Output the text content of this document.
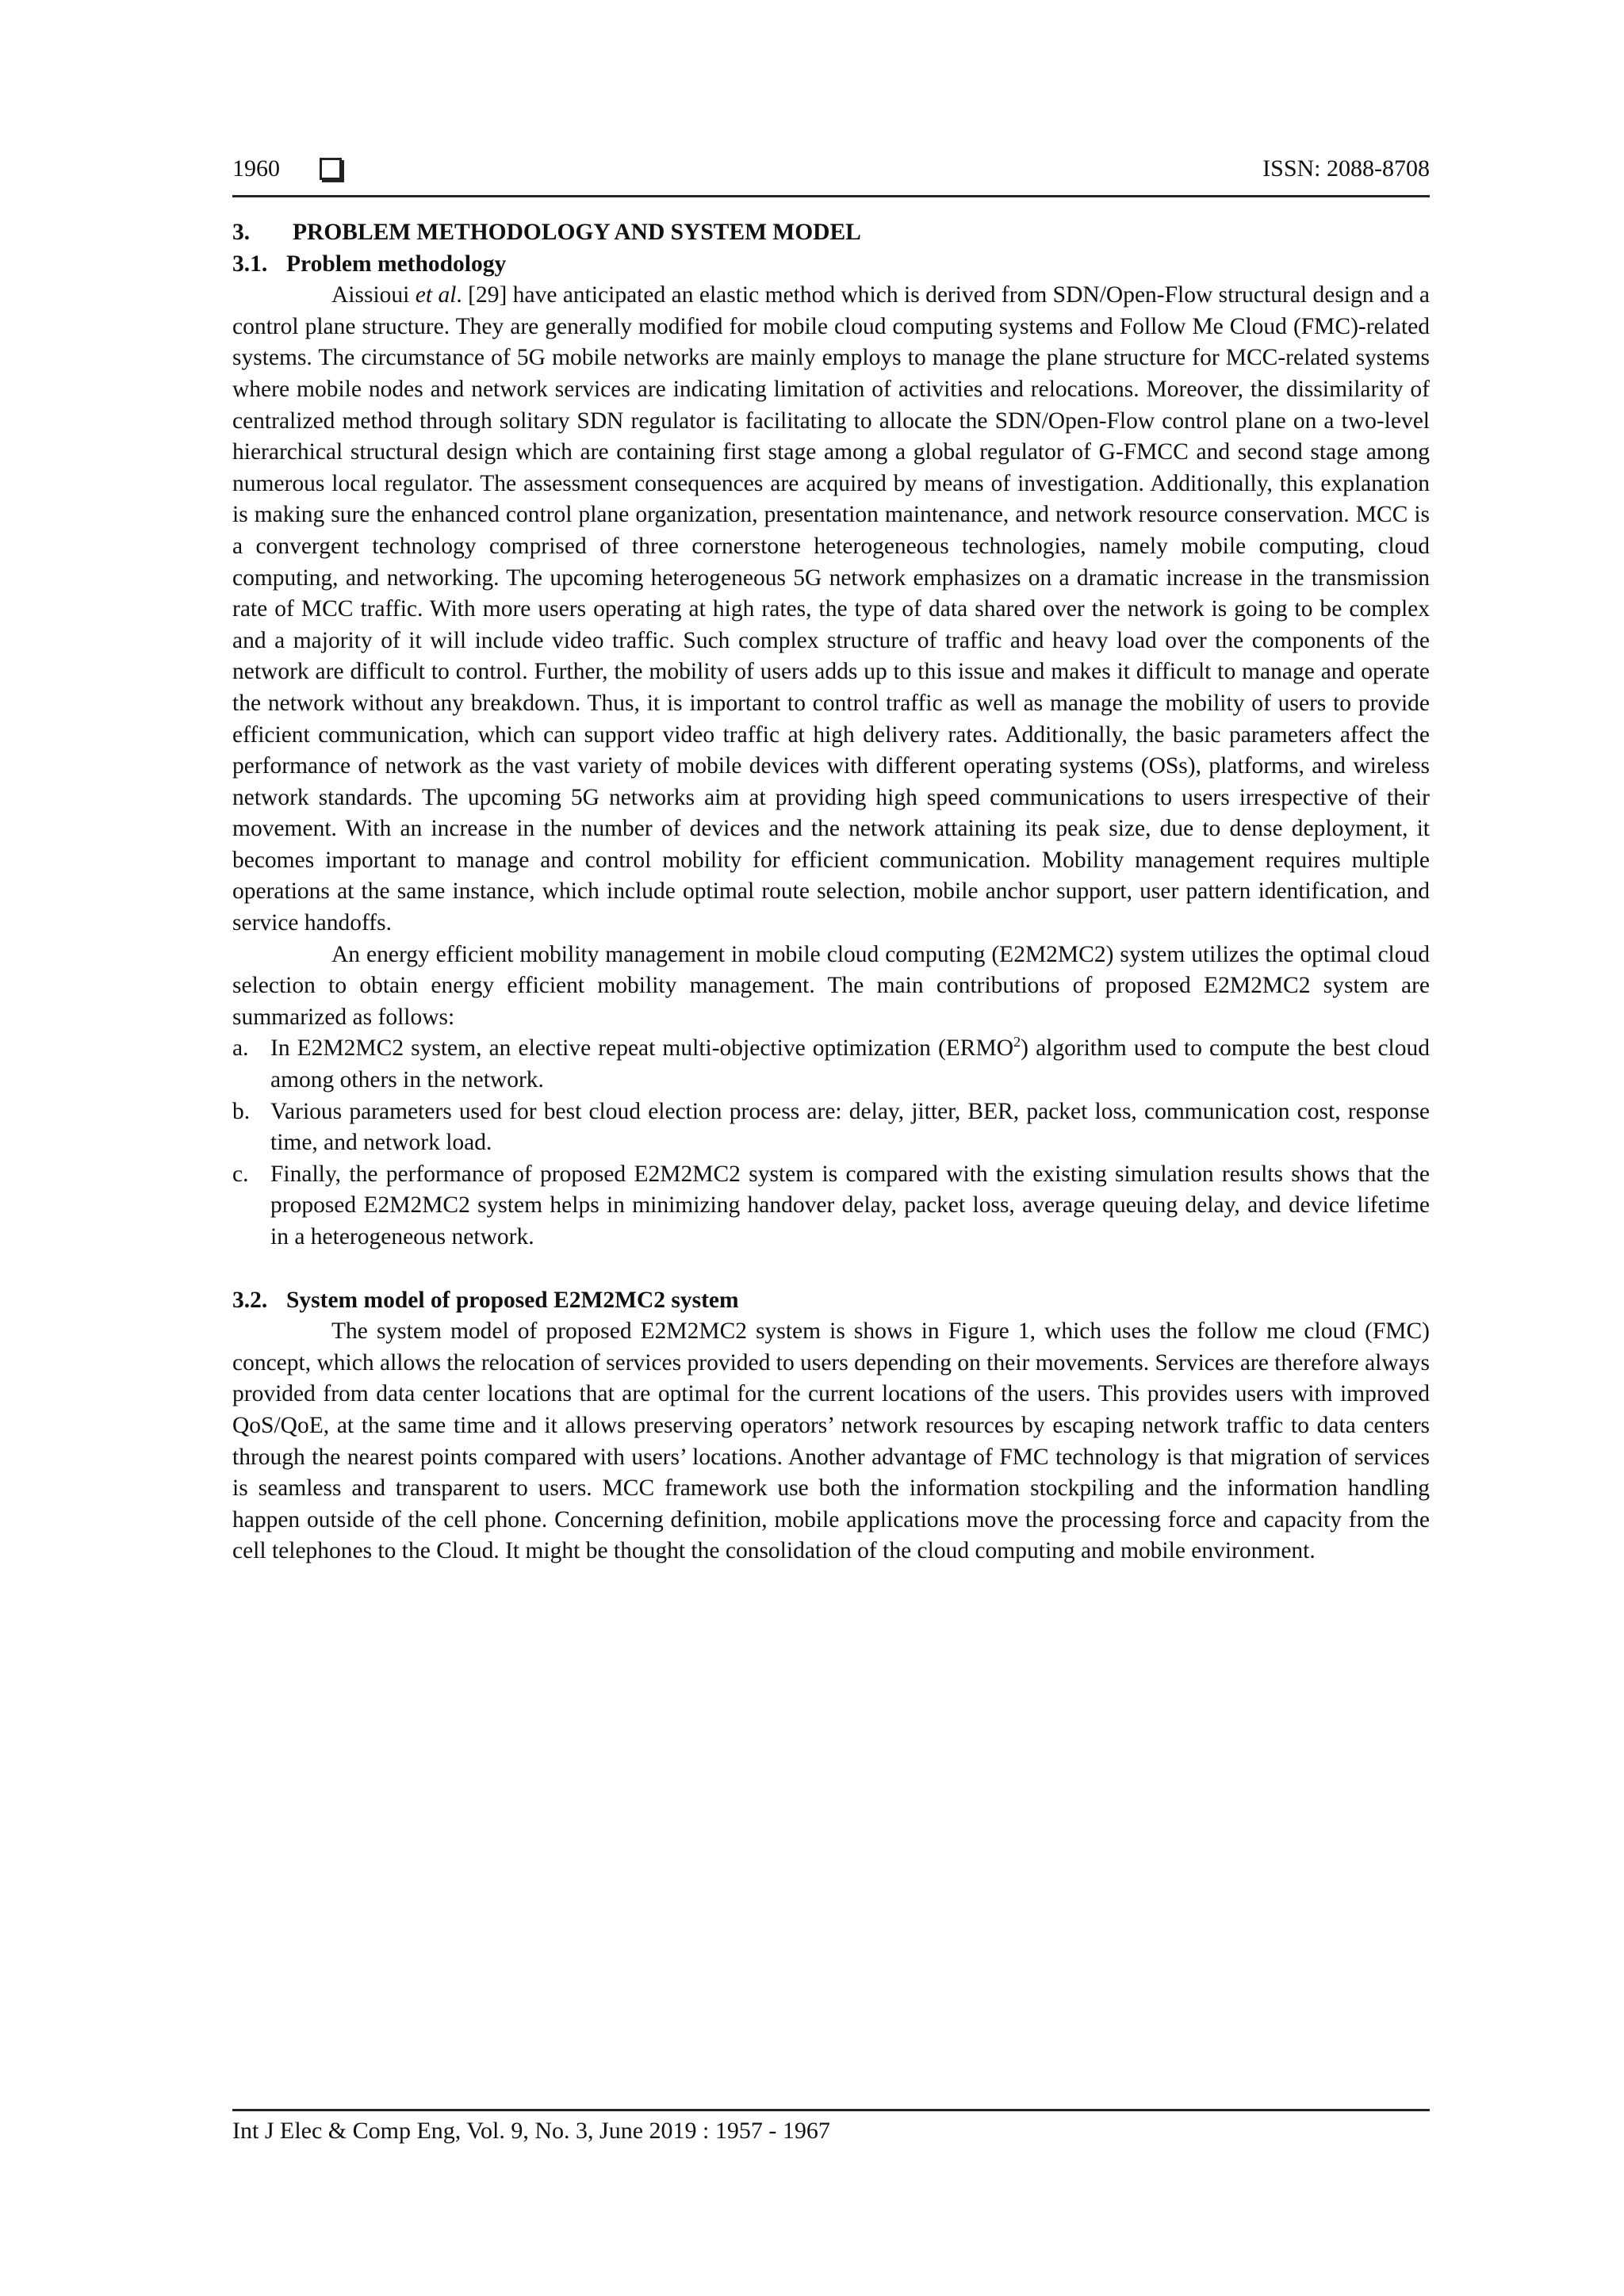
1960	ISSN: 2088-8708
3. PROBLEM METHODOLOGY AND SYSTEM MODEL
3.1. Problem methodology

Aissioui et al. [29] have anticipated an elastic method which is derived from SDN/Open-Flow structural design and a control plane structure. They are generally modified for mobile cloud computing systems and Follow Me Cloud (FMC)-related systems. The circumstance of 5G mobile networks are mainly employs to manage the plane structure for MCC-related systems where mobile nodes and network services are indicating limitation of activities and relocations. Moreover, the dissimilarity of centralized method through solitary SDN regulator is facilitating to allocate the SDN/Open-Flow control plane on a two-level hierarchical structural design which are containing first stage among a global regulator of G-FMCC and second stage among numerous local regulator. The assessment consequences are acquired by means of investigation. Additionally, this explanation is making sure the enhanced control plane organization, presentation maintenance, and network resource conservation. MCC is a convergent technology comprised of three cornerstone heterogeneous technologies, namely mobile computing, cloud computing, and networking. The upcoming heterogeneous 5G network emphasizes on a dramatic increase in the transmission rate of MCC traffic. With more users operating at high rates, the type of data shared over the network is going to be complex and a majority of it will include video traffic. Such complex structure of traffic and heavy load over the components of the network are difficult to control. Further, the mobility of users adds up to this issue and makes it difficult to manage and operate the network without any breakdown. Thus, it is important to control traffic as well as manage the mobility of users to provide efficient communication, which can support video traffic at high delivery rates. Additionally, the basic parameters affect the performance of network as the vast variety of mobile devices with different operating systems (OSs), platforms, and wireless network standards. The upcoming 5G networks aim at providing high speed communications to users irrespective of their movement. With an increase in the number of devices and the network attaining its peak size, due to dense deployment, it becomes important to manage and control mobility for efficient communication. Mobility management requires multiple operations at the same instance, which include optimal route selection, mobile anchor support, user pattern identification, and service handoffs.

An energy efficient mobility management in mobile cloud computing (E2M2MC2) system utilizes the optimal cloud selection to obtain energy efficient mobility management. The main contributions of proposed E2M2MC2 system are summarized as follows:

a. In E2M2MC2 system, an elective repeat multi-objective optimization (ERMO$^2$) algorithm used to compute the best cloud among others in the network.
b. Various parameters used for best cloud election process are: delay, jitter, BER, packet loss, communication cost, response time, and network load.
c. Finally, the performance of proposed E2M2MC2 system is compared with the existing simulation results shows that the proposed E2M2MC2 system helps in minimizing handover delay, packet loss, average queuing delay, and device lifetime in a heterogeneous network.
3.2. System model of proposed E2M2MC2 system

The system model of proposed E2M2MC2 system is shows in Figure 1, which uses the follow me cloud (FMC) concept, which allows the relocation of services provided to users depending on their movements. Services are therefore always provided from data center locations that are optimal for the current locations of the users. This provides users with improved QoS/QoE, at the same time and it allows preserving operators’ network resources by escaping network traffic to data centers through the nearest points compared with users’ locations. Another advantage of FMC technology is that migration of services is seamless and transparent to users. MCC framework use both the information stockpiling and the information handling happen outside of the cell phone. Concerning definition, mobile applications move the processing force and capacity from the cell telephones to the Cloud. It might be thought the consolidation of the cloud computing and mobile environment.

Int J Elec & Comp Eng, Vol. 9, No. 3, June 2019 : 1957 - 1967
